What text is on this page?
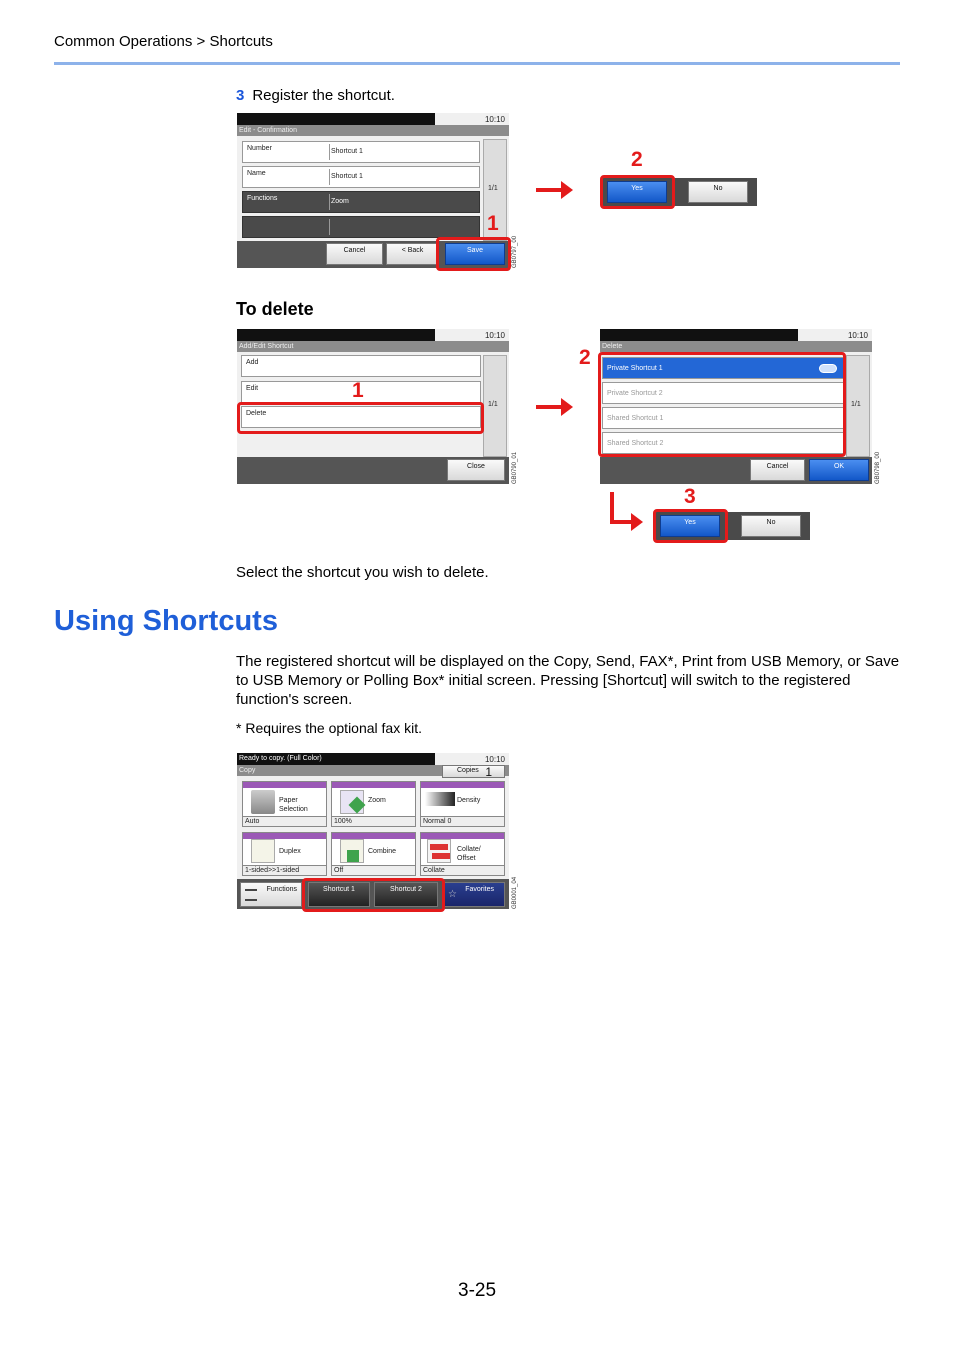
Common Operations > Shortcuts
3 Register the shortcut.
10:10
Edit - Confirmation
Number	Shortcut 1
Name	Shortcut 1
Functions	Zoom
1/1
Cancel	< Back	Save	GB0797_00
1
Yes	No
2
To delete
10:10
Add/Edit Shortcut
Add
Edit
Delete
1/1
Close	GB0790_01
1
10:10
Delete
Private Shortcut 1
Private Shortcut 2
Shared Shortcut 1
Shared Shortcut 2
1/1
Cancel	OK	GB0798_00
2
3
Yes	No
Select the shortcut you wish to delete.
Using Shortcuts
The registered shortcut will be displayed on the Copy, Send, FAX*, Print from USB Memory, or Save to USB Memory or Polling Box* initial screen. Pressing [Shortcut] will switch to the registered function's screen.
* Requires the optional fax kit.
Ready to copy. (Full Color)	10:10
Copy	Copies 1
Paper
Selection
Auto
Zoom
100%
Density
Normal 0
Duplex
1-sided>>1-sided
Combine
Off
Collate/
Offset
Collate
Functions	Shortcut 1	Shortcut 2	☆ Favorites	GB0001_04
3-25
